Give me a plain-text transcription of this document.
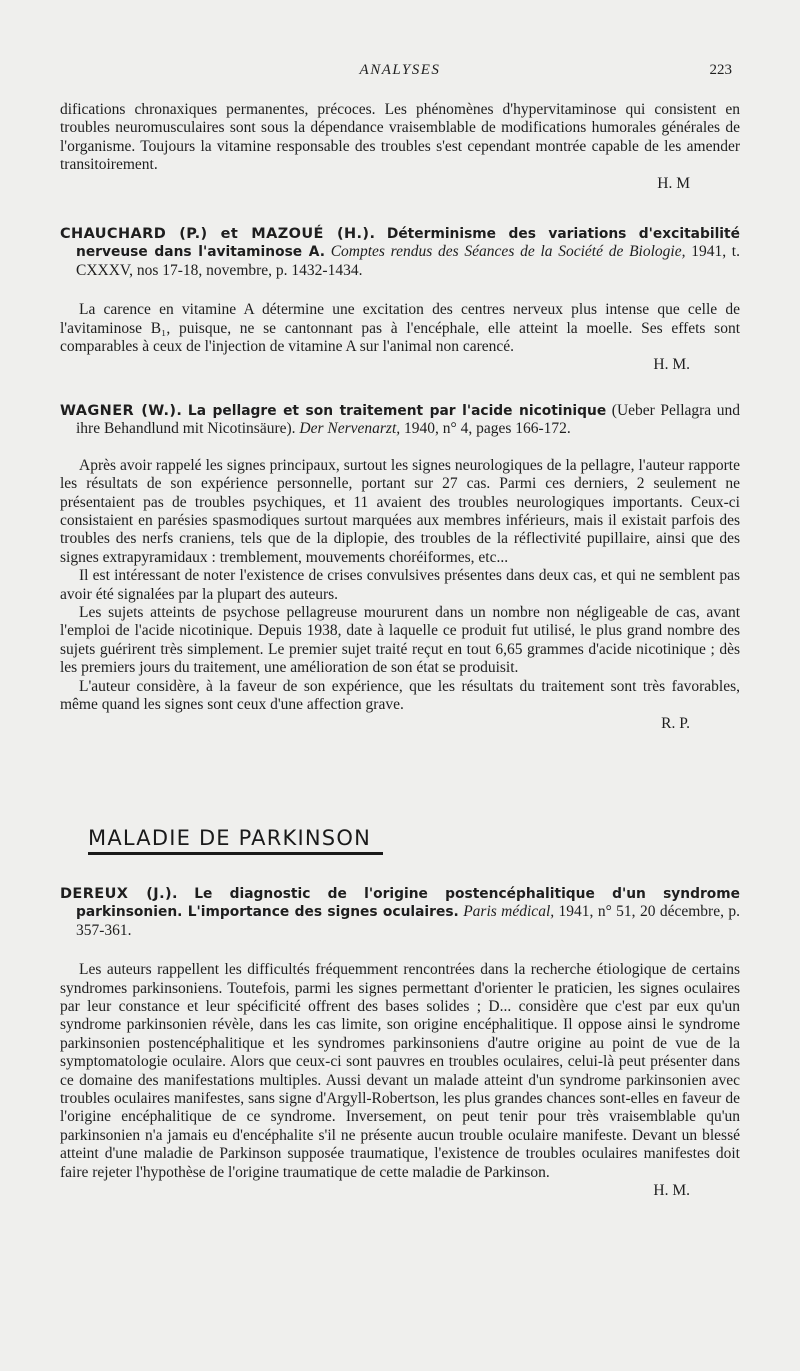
ANALYSES	223

difications chronaxiques permanentes, précoces. Les phénomènes d'hypervitaminose qui consistent en troubles neuromusculaires sont sous la dépendance vraisemblable de modifications humorales générales de l'organisme. Toujours la vitamine responsable des troubles s'est cependant montrée capable de les amender transitoirement.

H. M

CHAUCHARD (P.) et MAZOUÉ (H.). Déterminisme des variations d'excitabilité nerveuse dans l'avitaminose A. Comptes rendus des Séances de la Société de Biologie, 1941, t. CXXXV, nos 17-18, novembre, p. 1432-1434.

La carence en vitamine A détermine une excitation des centres nerveux plus intense que celle de l'avitaminose B₁, puisque, ne se cantonnant pas à l'encéphale, elle atteint la moelle. Ses effets sont comparables à ceux de l'injection de vitamine A sur l'animal non carencé.

H. M.

WAGNER (W.). La pellagre et son traitement par l'acide nicotinique (Ueber Pellagra und ihre Behandlund mit Nicotinsäure). Der Nervenarzt, 1940, n° 4, pages 166-172.

Après avoir rappelé les signes principaux, surtout les signes neurologiques de la pellagre, l'auteur rapporte les résultats de son expérience personnelle, portant sur 27 cas. Parmi ces derniers, 2 seulement ne présentaient pas de troubles psychiques, et 11 avaient des troubles neurologiques importants. Ceux-ci consistaient en parésies spasmodiques surtout marquées aux membres inférieurs, mais il existait parfois des troubles des nerfs craniens, tels que de la diplopie, des troubles de la réflectivité pupillaire, ainsi que des signes extrapyramidaux : tremblement, mouvements choréiformes, etc...

Il est intéressant de noter l'existence de crises convulsives présentes dans deux cas, et qui ne semblent pas avoir été signalées par la plupart des auteurs.

Les sujets atteints de psychose pellagreuse moururent dans un nombre non négligeable de cas, avant l'emploi de l'acide nicotinique. Depuis 1938, date à laquelle ce produit fut utilisé, le plus grand nombre des sujets guérirent très simplement. Le premier sujet traité reçut en tout 6,65 grammes d'acide nicotinique ; dès les premiers jours du traitement, une amélioration de son état se produisit.

L'auteur considère, à la faveur de son expérience, que les résultats du traitement sont très favorables, même quand les signes sont ceux d'une affection grave.

R. P.

MALADIE DE PARKINSON

DEREUX (J.). Le diagnostic de l'origine postencéphalitique d'un syndrome parkinsonien. L'importance des signes oculaires. Paris médical, 1941, n° 51, 20 décembre, p. 357-361.

Les auteurs rappellent les difficultés fréquemment rencontrées dans la recherche étiologique de certains syndromes parkinsoniens. Toutefois, parmi les signes permettant d'orienter le praticien, les signes oculaires par leur constance et leur spécificité offrent des bases solides ; D... considère que c'est par eux qu'un syndrome parkinsonien révèle, dans les cas limite, son origine encéphalitique. Il oppose ainsi le syndrome parkinsonien postencéphalitique et les syndromes parkinsoniens d'autre origine au point de vue de la symptomatologie oculaire. Alors que ceux-ci sont pauvres en troubles oculaires, celui-là peut présenter dans ce domaine des manifestations multiples. Aussi devant un malade atteint d'un syndrome parkinsonien avec troubles oculaires manifestes, sans signe d'Argyll-Robertson, les plus grandes chances sont-elles en faveur de l'origine encéphalitique de ce syndrome. Inversement, on peut tenir pour très vraisemblable qu'un parkinsonien n'a jamais eu d'encéphalite s'il ne présente aucun trouble oculaire manifeste. Devant un blessé atteint d'une maladie de Parkinson supposée traumatique, l'existence de troubles oculaires manifestes doit faire rejeter l'hypothèse de l'origine traumatique de cette maladie de Parkinson.

H. M.
